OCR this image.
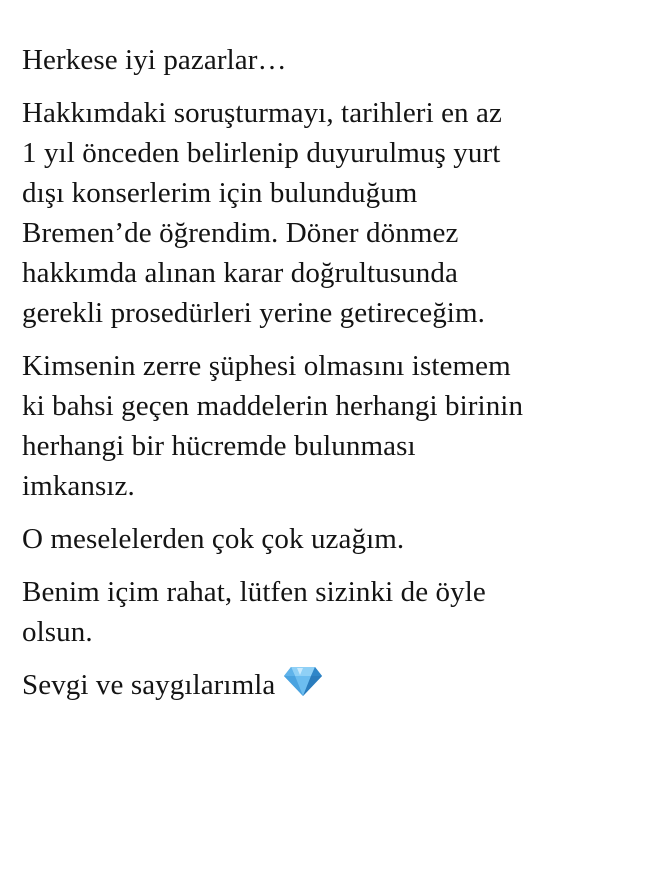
Herkese iyi pazarlar…

Hakkımdaki soruşturmayı, tarihleri en az
1 yıl önceden belirlenip duyurulmuş yurt
dışı konserlerim için bulunduğum
Bremen’de öğrendim. Döner dönmez
hakkımda alınan karar doğrultusunda
gerekli prosedürleri yerine getireceğim.

Kimsenin zerre şüphesi olmasını istemem
ki bahsi geçen maddelerin herhangi birinin
herhangi bir hücremde bulunması
imkansız.

O meselelerden çok çok uzağım.

Benim içim rahat, lütfen sizinki de öyle
olsun.

Sevgi ve saygılarımla
